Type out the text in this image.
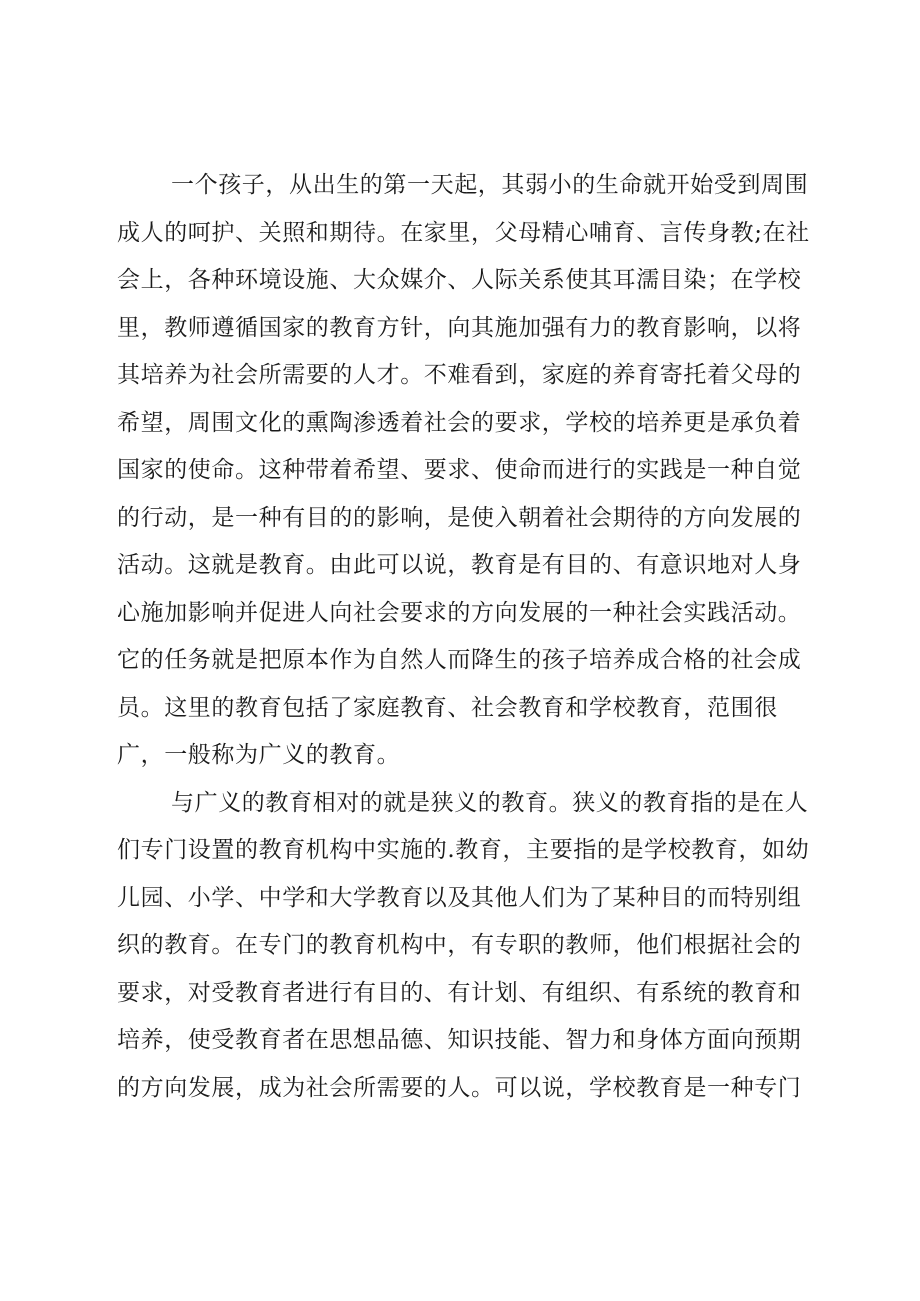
一个孩子，从出生的第一天起，其弱小的生命就开始受到周围
成人的呵护、关照和期待。在家里，父母精心哺育、言传身教;在社
会上，各种环境设施、大众媒介、人际关系使其耳濡目染；在学校
里，教师遵循国家的教育方针，向其施加强有力的教育影响，以将
其培养为社会所需要的人才。不难看到，家庭的养育寄托着父母的
希望，周围文化的熏陶渗透着社会的要求，学校的培养更是承负着
国家的使命。这种带着希望、要求、使命而进行的实践是一种自觉
的行动，是一种有目的的影响，是使入朝着社会期待的方向发展的
活动。这就是教育。由此可以说，教育是有目的、有意识地对人身
心施加影响并促进人向社会要求的方向发展的一种社会实践活动。
它的任务就是把原本作为自然人而降生的孩子培养成合格的社会成
员。这里的教育包括了家庭教育、社会教育和学校教育，范围很
广，一般称为广义的教育。
与广义的教育相对的就是狭义的教育。狭义的教育指的是在人
们专门设置的教育机构中实施的.教育，主要指的是学校教育，如幼
儿园、小学、中学和大学教育以及其他人们为了某种目的而特别组
织的教育。在专门的教育机构中，有专职的教师，他们根据社会的
要求，对受教育者进行有目的、有计划、有组织、有系统的教育和
培养，使受教育者在思想品德、知识技能、智力和身体方面向预期
的方向发展，成为社会所需要的人。可以说，学校教育是一种专门
